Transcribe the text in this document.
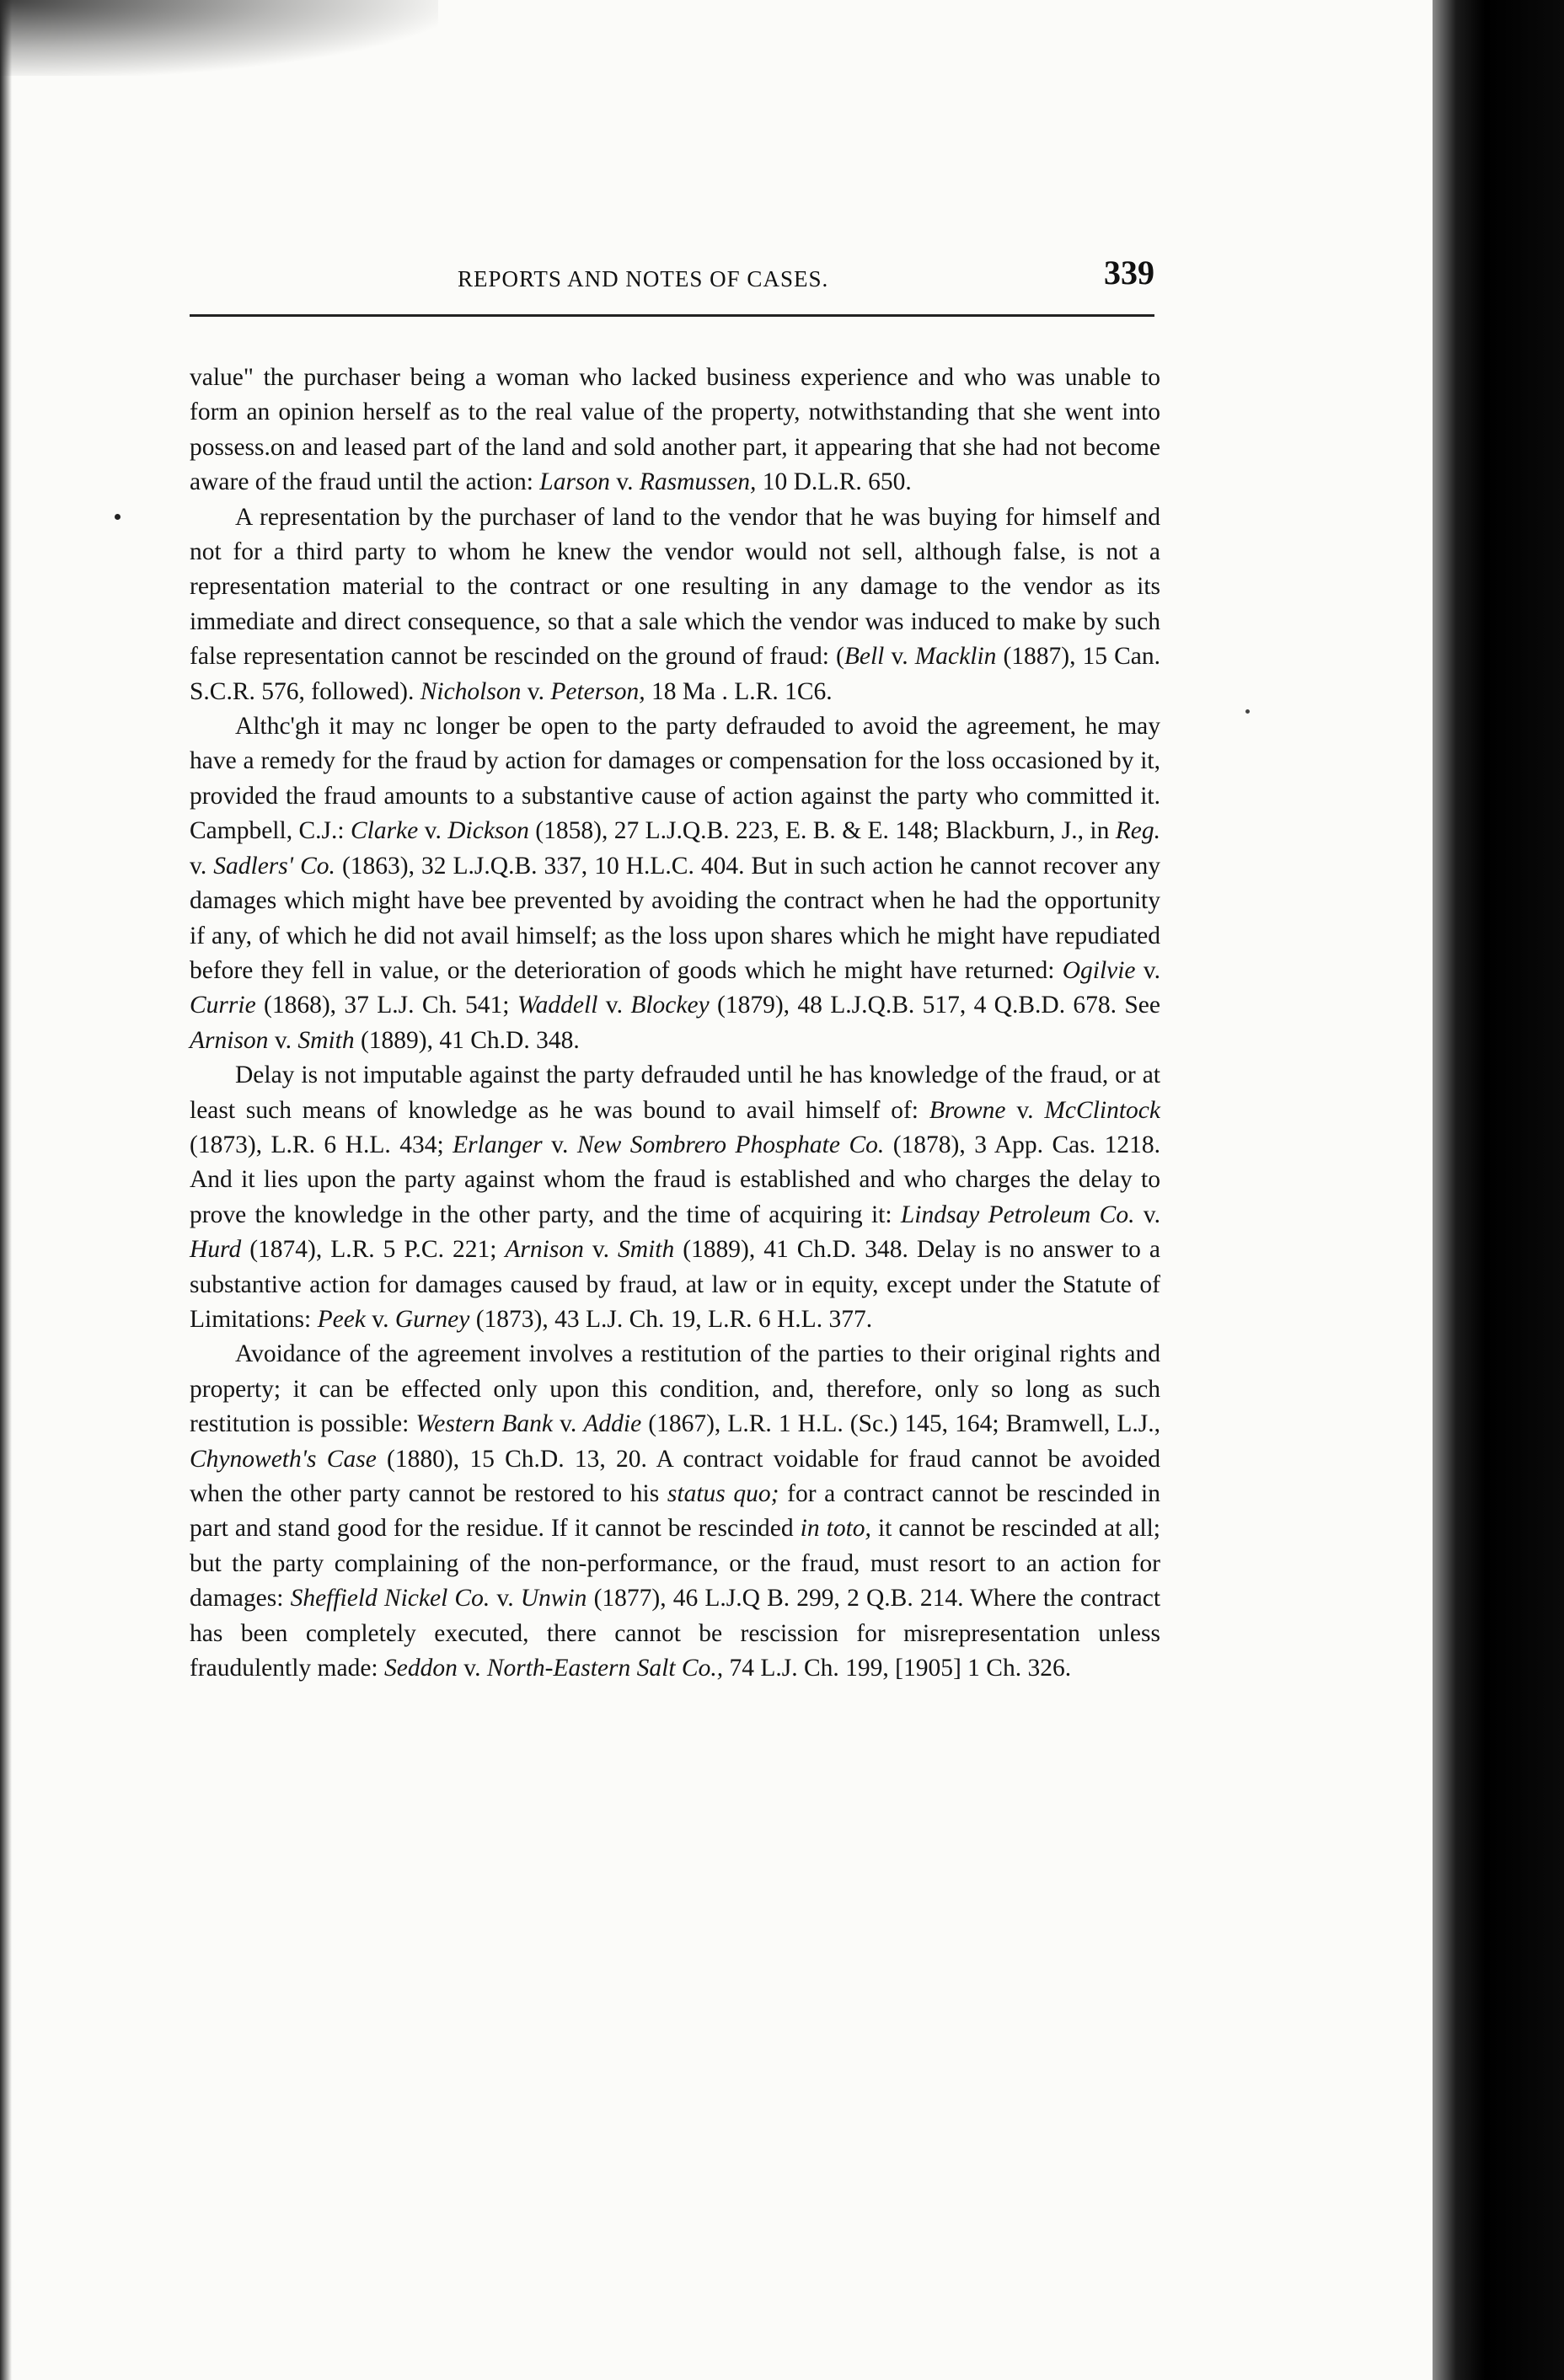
REPORTS AND NOTES OF CASES.	339

value" the purchaser being a woman who lacked business experience and who was unable to form an opinion herself as to the real value of the property, notwithstanding that she went into possess.on and leased part of the land and sold another part, it appearing that she had not become aware of the fraud until the action: Larson v. Rasmussen, 10 D.L.R. 650.

A representation by the purchaser of land to the vendor that he was buying for himself and not for a third party to whom he knew the vendor would not sell, although false, is not a representation material to the contract or one resulting in any damage to the vendor as its immediate and direct consequence, so that a sale which the vendor was induced to make by such false representation cannot be rescinded on the ground of fraud: (Bell v. Macklin (1887), 15 Can. S.C.R. 576, followed). Nicholson v. Peterson, 18 Ma . L.R. 1C6.

Althc'gh it may nc longer be open to the party defrauded to avoid the agreement, he may have a remedy for the fraud by action for damages or compensation for the loss occasioned by it, provided the fraud amounts to a substantive cause of action against the party who committed it. Campbell, C.J.: Clarke v. Dickson (1858), 27 L.J.Q.B. 223, E. B. & E. 148; Blackburn, J., in Reg. v. Sadlers' Co. (1863), 32 L.J.Q.B. 337, 10 H.L.C. 404. But in such action he cannot recover any damages which might have bee prevented by avoiding the contract when he had the opportunity if any, of which he did not avail himself; as the loss upon shares which he might have repudiated before they fell in value, or the deterioration of goods which he might have returned: Ogilvie v. Currie (1868), 37 L.J. Ch. 541; Waddell v. Blockey (1879), 48 L.J.Q.B. 517, 4 Q.B.D. 678. See Arnison v. Smith (1889), 41 Ch.D. 348.

Delay is not imputable against the party defrauded until he has knowledge of the fraud, or at least such means of knowledge as he was bound to avail himself of: Browne v. McClintock (1873), L.R. 6 H.L. 434; Erlanger v. New Sombrero Phosphate Co. (1878), 3 App. Cas. 1218. And it lies upon the party against whom the fraud is established and who charges the delay to prove the knowledge in the other party, and the time of acquiring it: Lindsay Petroleum Co. v. Hurd (1874), L.R. 5 P.C. 221; Arnison v. Smith (1889), 41 Ch.D. 348. Delay is no answer to a substantive action for damages caused by fraud, at law or in equity, except under the Statute of Limitations: Peek v. Gurney (1873), 43 L.J. Ch. 19, L.R. 6 H.L. 377.

Avoidance of the agreement involves a restitution of the parties to their original rights and property; it can be effected only upon this condition, and, therefore, only so long as such restitution is possible: Western Bank v. Addie (1867), L.R. 1 H.L. (Sc.) 145, 164; Bramwell, L.J., Chynoweth's Case (1880), 15 Ch.D. 13, 20. A contract voidable for fraud cannot be avoided when the other party cannot be restored to his status quo; for a contract cannot be rescinded in part and stand good for the residue. If it cannot be rescinded in toto, it cannot be rescinded at all; but the party complaining of the non-performance, or the fraud, must resort to an action for damages: Sheffield Nickel Co. v. Unwin (1877), 46 L.J.Q B. 299, 2 Q.B. 214. Where the contract has been completely executed, there cannot be rescission for misrepresentation unless fraudulently made: Seddon v. North-Eastern Salt Co., 74 L.J. Ch. 199, [1905] 1 Ch. 326.
